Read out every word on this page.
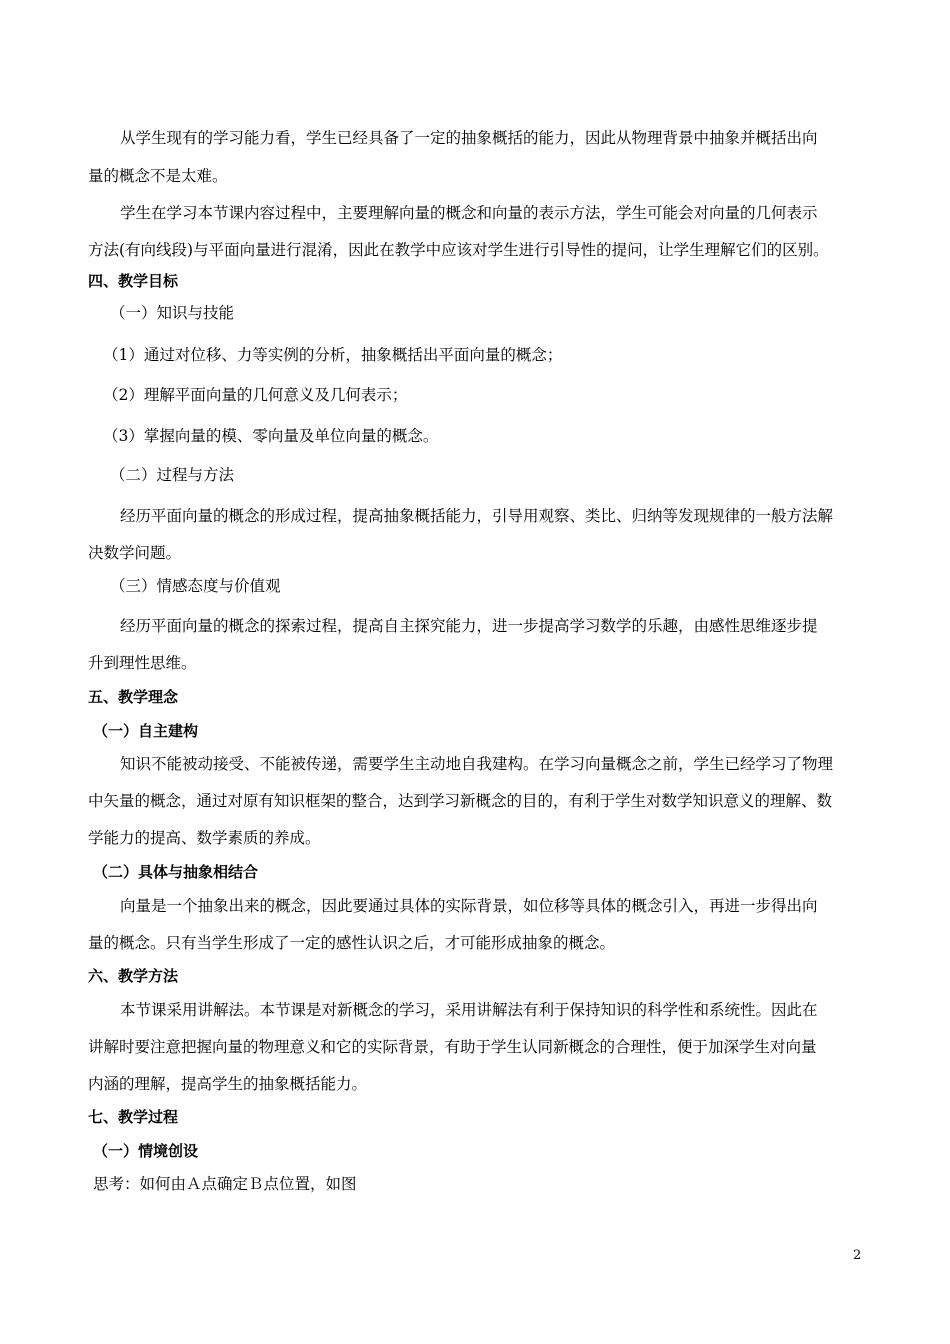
从学生现有的学习能力看，学生已经具备了一定的抽象概括的能力，因此从物理背景中抽象并概括出向
量的概念不是太难。
学生在学习本节课内容过程中，主要理解向量的概念和向量的表示方法，学生可能会对向量的几何表示
方法(有向线段)与平面向量进行混淆，因此在教学中应该对学生进行引导性的提问，让学生理解它们的区别。
四、教学目标
（一）知识与技能
（1）通过对位移、力等实例的分析，抽象概括出平面向量的概念；
（2）理解平面向量的几何意义及几何表示；
（3）掌握向量的模、零向量及单位向量的概念。
（二）过程与方法
经历平面向量的概念的形成过程，提高抽象概括能力，引导用观察、类比、归纳等发现规律的一般方法解
决数学问题。
（三）情感态度与价值观
经历平面向量的概念的探索过程，提高自主探究能力，进一步提高学习数学的乐趣，由感性思维逐步提
升到理性思维。
五、教学理念
（一）自主建构
知识不能被动接受、不能被传递，需要学生主动地自我建构。在学习向量概念之前，学生已经学习了物理
中矢量的概念，通过对原有知识框架的整合，达到学习新概念的目的，有利于学生对数学知识意义的理解、数
学能力的提高、数学素质的养成。
（二）具体与抽象相结合
向量是一个抽象出来的概念，因此要通过具体的实际背景，如位移等具体的概念引入，再进一步得出向
量的概念。只有当学生形成了一定的感性认识之后，才可能形成抽象的概念。
六、教学方法
本节课采用讲解法。本节课是对新概念的学习，采用讲解法有利于保持知识的科学性和系统性。因此在
讲解时要注意把握向量的物理意义和它的实际背景，有助于学生认同新概念的合理性，便于加深学生对向量
内涵的理解，提高学生的抽象概括能力。
七、教学过程
（一）情境创设
思考：如何由Ａ点确定Ｂ点位置，如图
2
